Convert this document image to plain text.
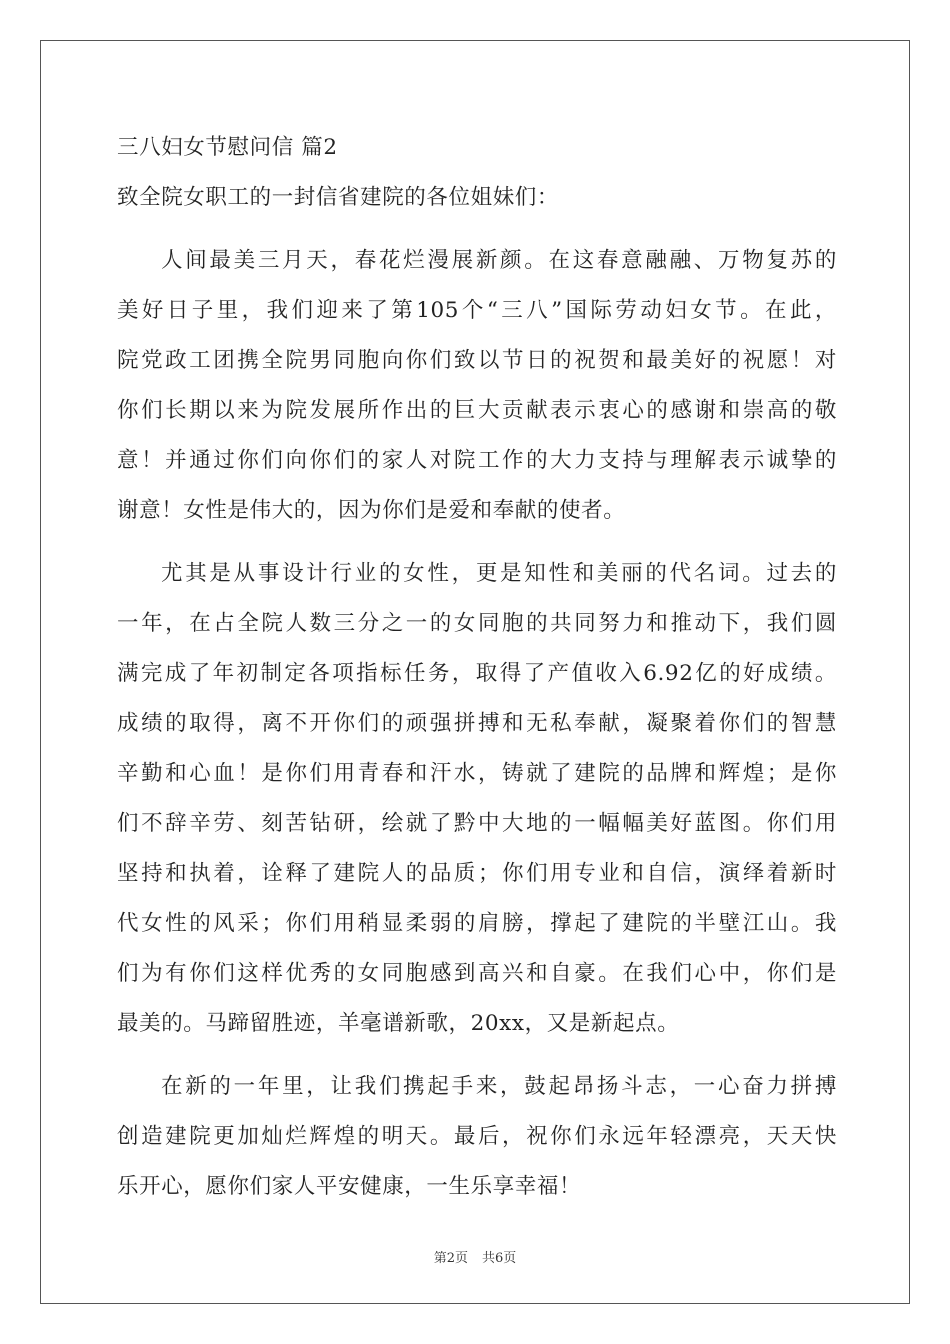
三八妇女节慰问信 篇2
致全院女职工的一封信省建院的各位姐妹们：
人间最美三月天，春花烂漫展新颜。在这春意融融、万物复苏的
美好日子里，我们迎来了第105个“三八”国际劳动妇女节。在此，
院党政工团携全院男同胞向你们致以节日的祝贺和最美好的祝愿！对
你们长期以来为院发展所作出的巨大贡献表示衷心的感谢和崇高的敬
意！并通过你们向你们的家人对院工作的大力支持与理解表示诚挚的
谢意！女性是伟大的，因为你们是爱和奉献的使者。
尤其是从事设计行业的女性，更是知性和美丽的代名词。过去的
一年，在占全院人数三分之一的女同胞的共同努力和推动下，我们圆
满完成了年初制定各项指标任务，取得了产值收入6.92亿的好成绩。
成绩的取得，离不开你们的顽强拼搏和无私奉献，凝聚着你们的智慧
辛勤和心血！是你们用青春和汗水，铸就了建院的品牌和辉煌；是你
们不辞辛劳、刻苦钻研，绘就了黔中大地的一幅幅美好蓝图。你们用
坚持和执着，诠释了建院人的品质；你们用专业和自信，演绎着新时
代女性的风采；你们用稍显柔弱的肩膀，撑起了建院的半壁江山。我
们为有你们这样优秀的女同胞感到高兴和自豪。在我们心中，你们是
最美的。马蹄留胜迹，羊毫谱新歌，20xx，又是新起点。
在新的一年里，让我们携起手来，鼓起昂扬斗志，一心奋力拼搏
创造建院更加灿烂辉煌的明天。最后，祝你们永远年轻漂亮，天天快
乐开心，愿你们家人平安健康，一生乐享幸福！
第2页 共6页
